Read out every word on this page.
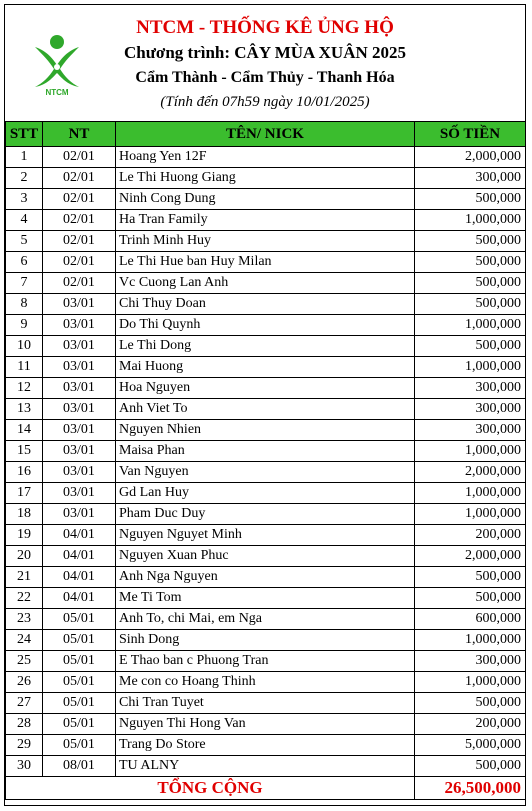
NTCM
NTCM - THỐNG KÊ ỦNG HỘ
Chương trình: CÂY MÙA XUÂN 2025
Cẩm Thành - Cẩm Thủy - Thanh Hóa
(Tính đến 07h59 ngày 10/01/2025)
STT	NT	TÊN/ NICK	SỐ TIỀN
1	02/01	Hoang Yen 12F	2,000,000
2	02/01	Le Thi Huong Giang	300,000
3	02/01	Ninh Cong Dung	500,000
4	02/01	Ha Tran Family	1,000,000
5	02/01	Trinh Minh Huy	500,000
6	02/01	Le Thi Hue ban Huy Milan	500,000
7	02/01	Vc Cuong Lan Anh	500,000
8	03/01	Chi Thuy Doan	500,000
9	03/01	Do Thi Quynh	1,000,000
10	03/01	Le Thi Dong	500,000
11	03/01	Mai Huong	1,000,000
12	03/01	Hoa Nguyen	300,000
13	03/01	Anh Viet To	300,000
14	03/01	Nguyen Nhien	300,000
15	03/01	Maisa Phan	1,000,000
16	03/01	Van Nguyen	2,000,000
17	03/01	Gd Lan Huy	1,000,000
18	03/01	Pham Duc Duy	1,000,000
19	04/01	Nguyen Nguyet Minh	200,000
20	04/01	Nguyen Xuan Phuc	2,000,000
21	04/01	Anh Nga Nguyen	500,000
22	04/01	Me Ti Tom	500,000
23	05/01	Anh To, chi Mai, em Nga	600,000
24	05/01	Sinh Dong	1,000,000
25	05/01	E Thao ban c Phuong Tran	300,000
26	05/01	Me con co Hoang Thinh	1,000,000
27	05/01	Chi Tran Tuyet	500,000
28	05/01	Nguyen Thi Hong Van	200,000
29	05/01	Trang Do Store	5,000,000
30	08/01	TU ALNY	500,000
TỔNG CỘNG			26,500,000
